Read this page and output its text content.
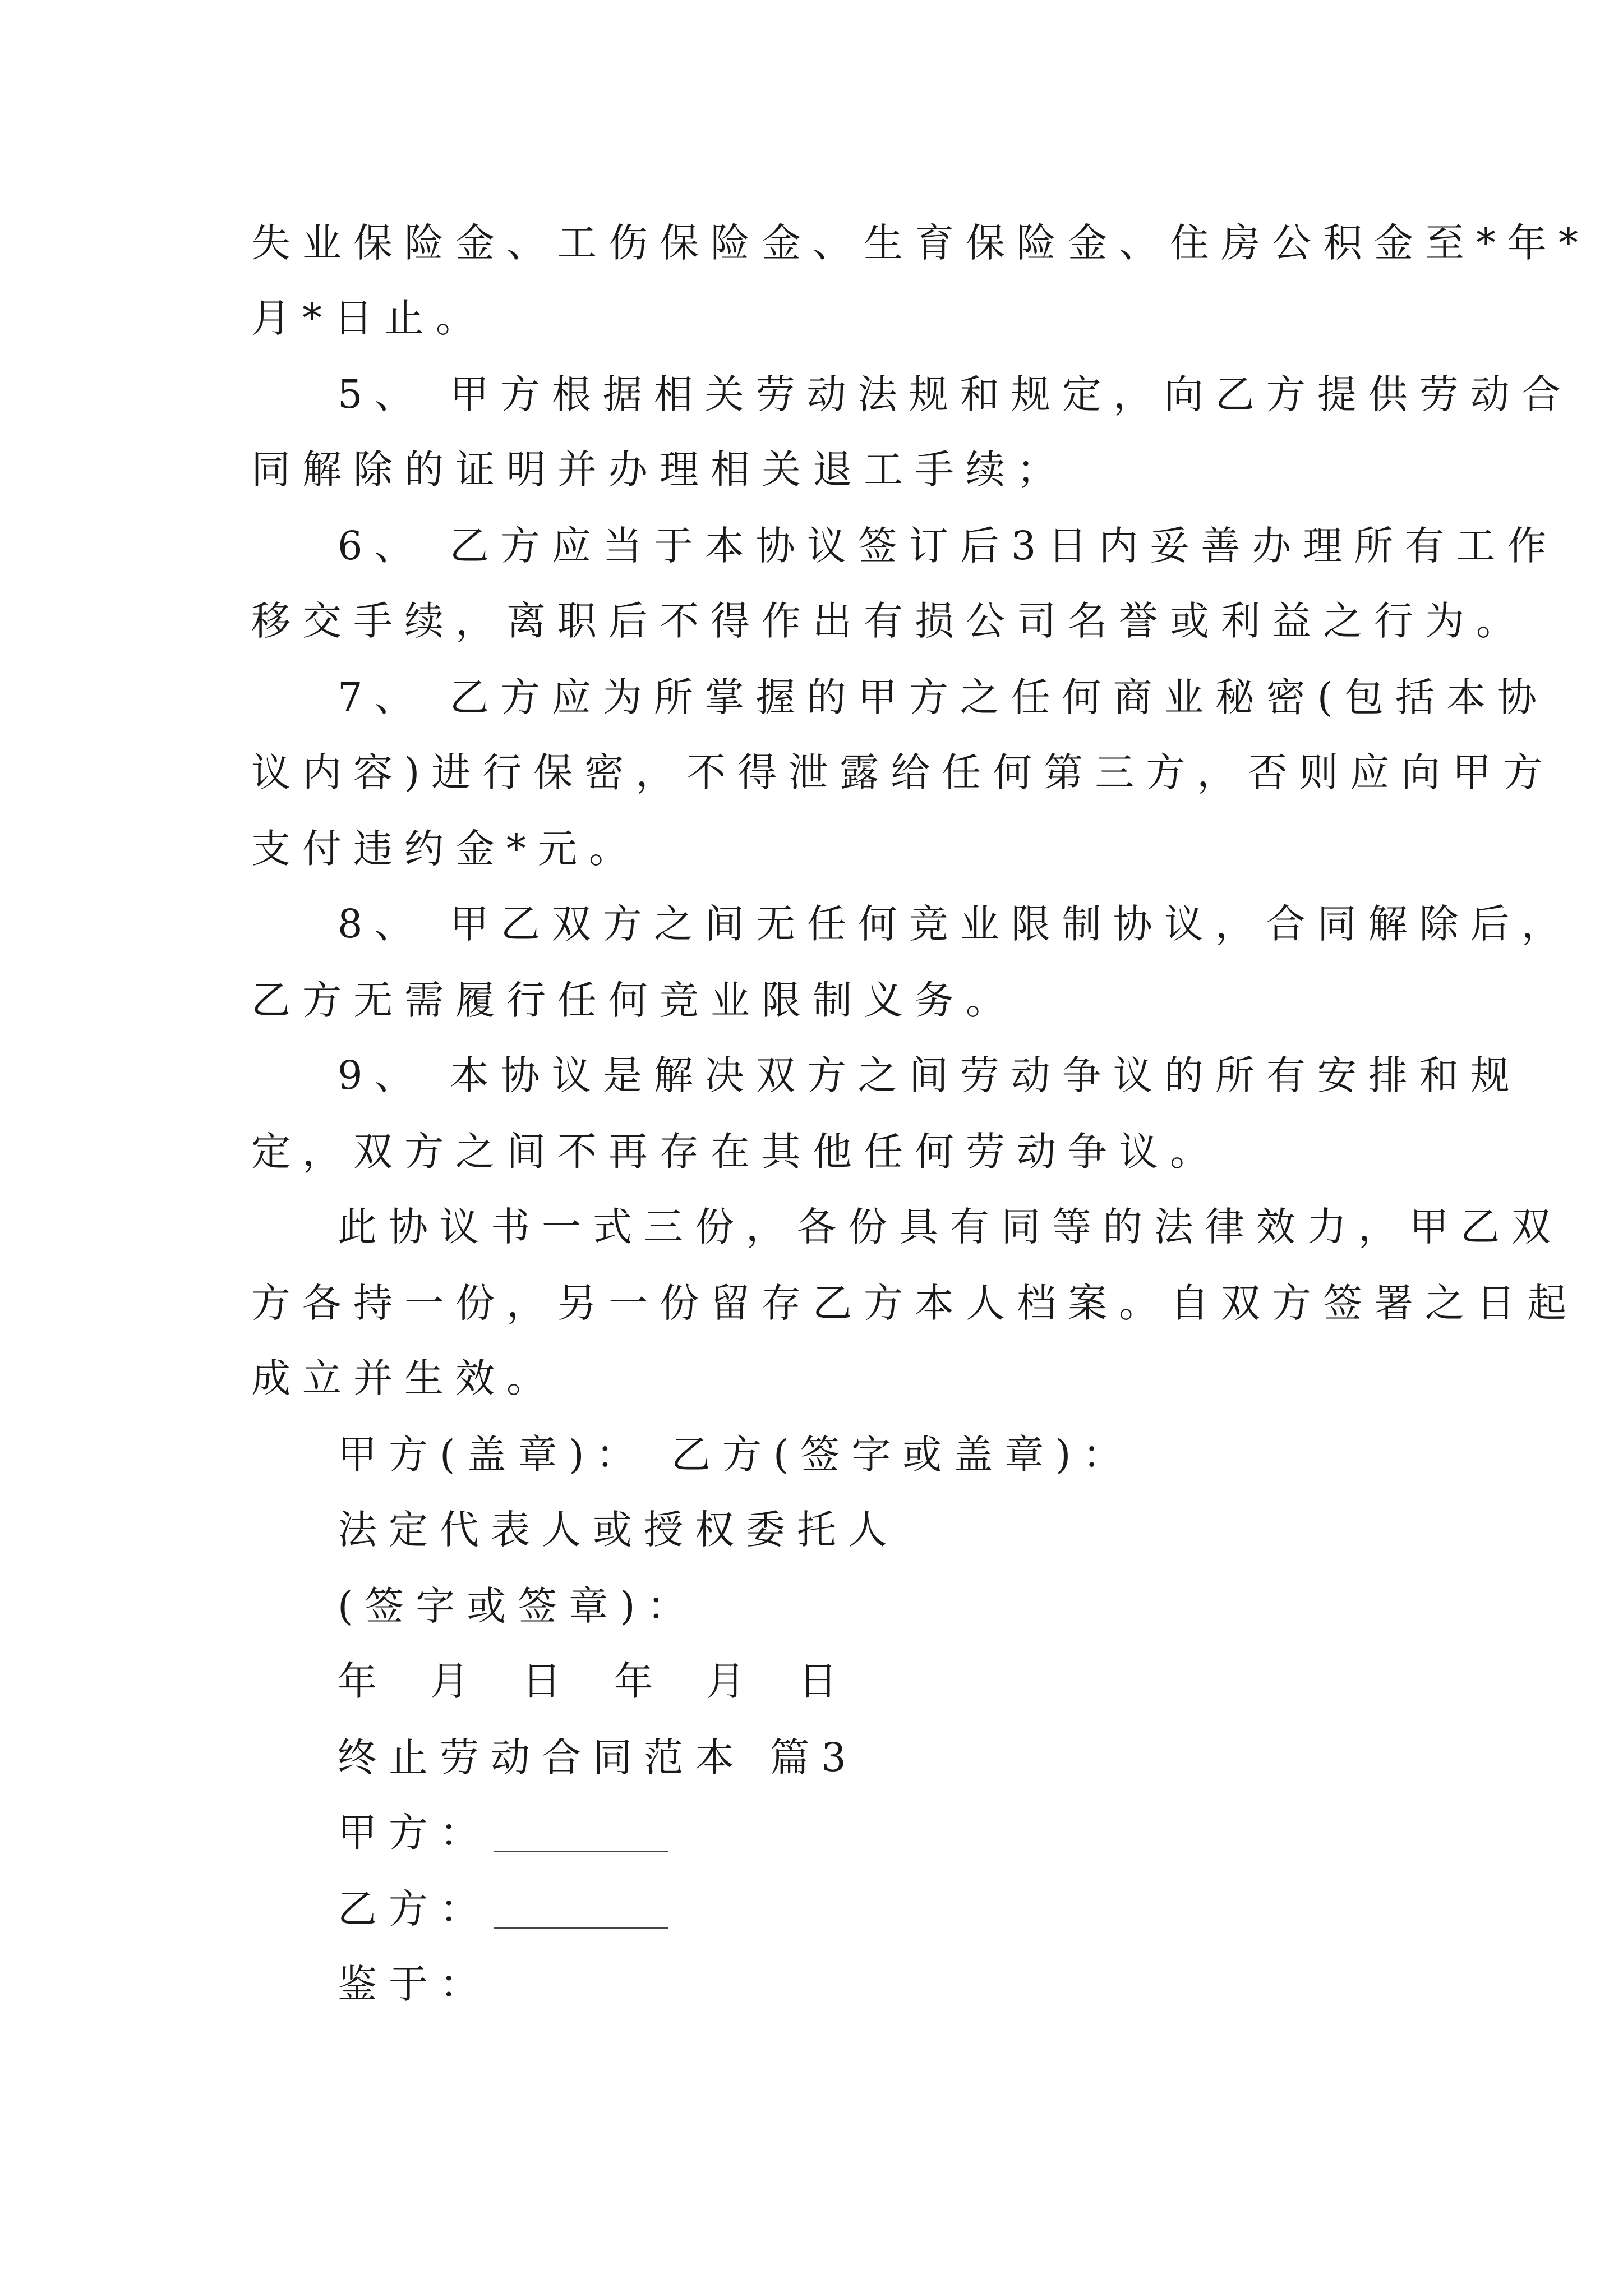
失业保险金、工伤保险金、生育保险金、住房公积金至*年*

月*日止。

5、 甲方根据相关劳动法规和规定，向乙方提供劳动合

同解除的证明并办理相关退工手续；

6、 乙方应当于本协议签订后3日内妥善办理所有工作

移交手续，离职后不得作出有损公司名誉或利益之行为。

7、 乙方应为所掌握的甲方之任何商业秘密(包括本协

议内容)进行保密，不得泄露给任何第三方，否则应向甲方

支付违约金*元。

8、 甲乙双方之间无任何竞业限制协议，合同解除后，

乙方无需履行任何竞业限制义务。

9、 本协议是解决双方之间劳动争议的所有安排和规

定，双方之间不再存在其他任何劳动争议。

此协议书一式三份，各份具有同等的法律效力，甲乙双

方各持一份，另一份留存乙方本人档案。自双方签署之日起

成立并生效。

甲方(盖章)： 乙方(签字或盖章)：

法定代表人或授权委托人

(签字或签章)：

年 月 日 年 月 日

终止劳动合同范本 篇3

甲方：

乙方：

鉴于：
